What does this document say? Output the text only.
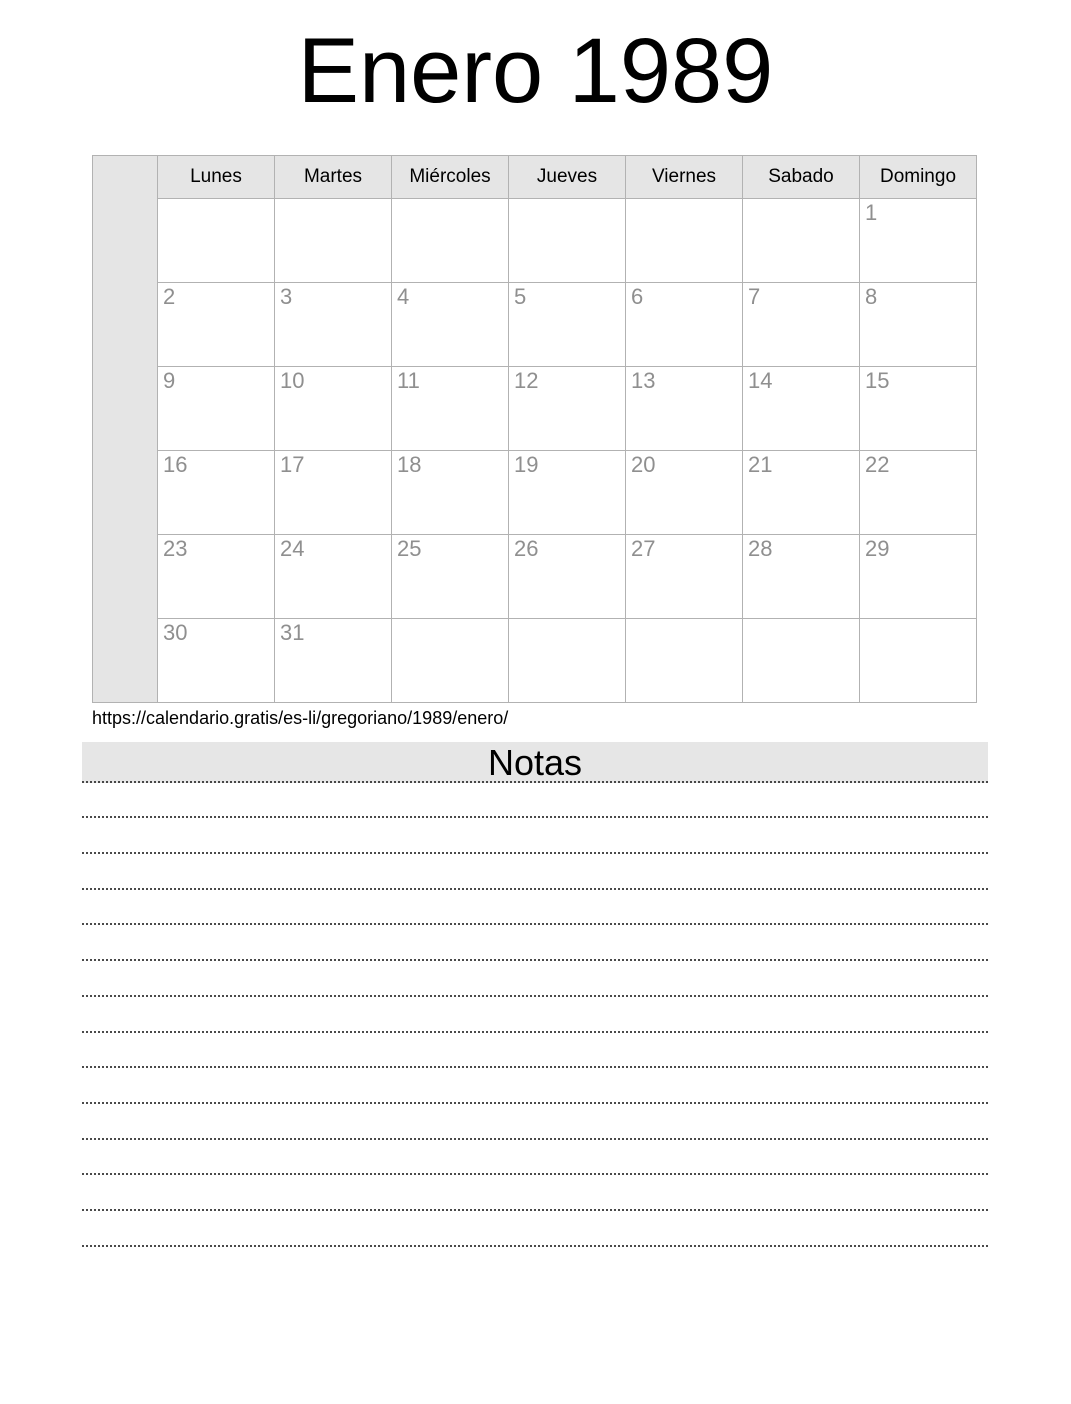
Enero 1989
	Lunes	Martes	Miércoles	Jueves	Viernes	Sabado	Domingo
							1
	2	3	4	5	6	7	8
	9	10	11	12	13	14	15
	16	17	18	19	20	21	22
	23	24	25	26	27	28	29
	30	31					
https://calendario.gratis/es-li/gregoriano/1989/enero/
Notas
